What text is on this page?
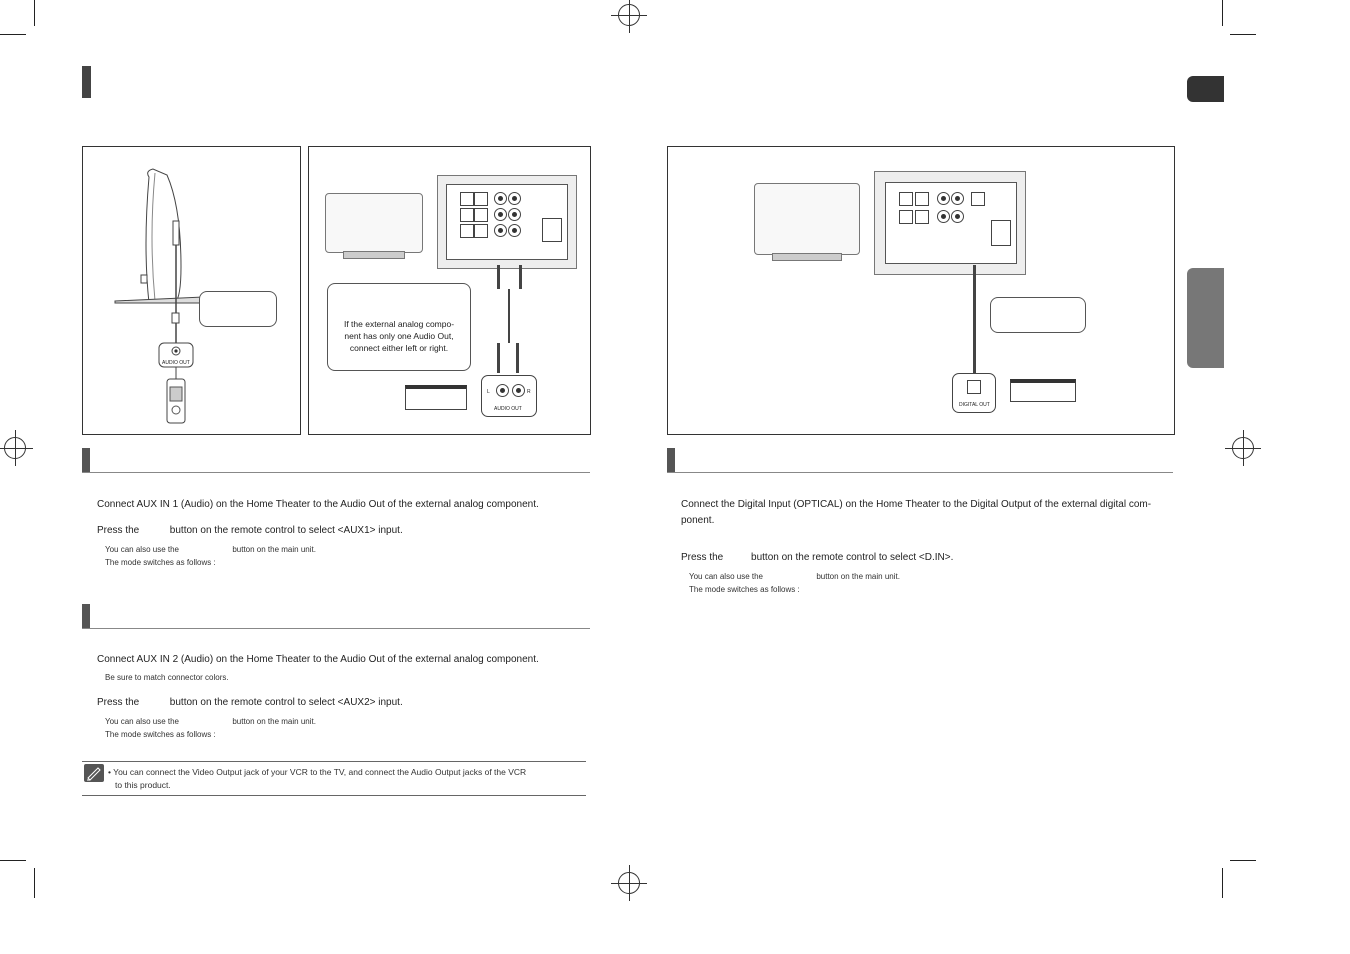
AUDIO OUT
If the external analog compo-
nent has only one Audio Out,
connect either left or right.
L	R
AUDIO OUT
DIGITAL OUT
Connect AUX IN 1 (Audio) on the Home Theater to the Audio Out of the external analog component.
Press the           button on the remote control to select <AUX1> input.
You can also use the                        button on the main unit.
The mode switches as follows :
Connect AUX IN 2 (Audio) on the Home Theater to the Audio Out of the external analog component.
Be sure to match connector colors.
Press the           button on the remote control to select <AUX2> input.
You can also use the                        button on the main unit.
The mode switches as follows :
• You can connect the Video Output jack of your VCR to the TV, and connect the Audio Output jacks of the VCR
to this product.
Connect the Digital Input (OPTICAL) on the Home Theater to the Digital Output of the external digital com-
ponent.
Press the          button on the remote control to select <D.IN>.
You can also use the                        button on the main unit.
The mode switches as follows :
